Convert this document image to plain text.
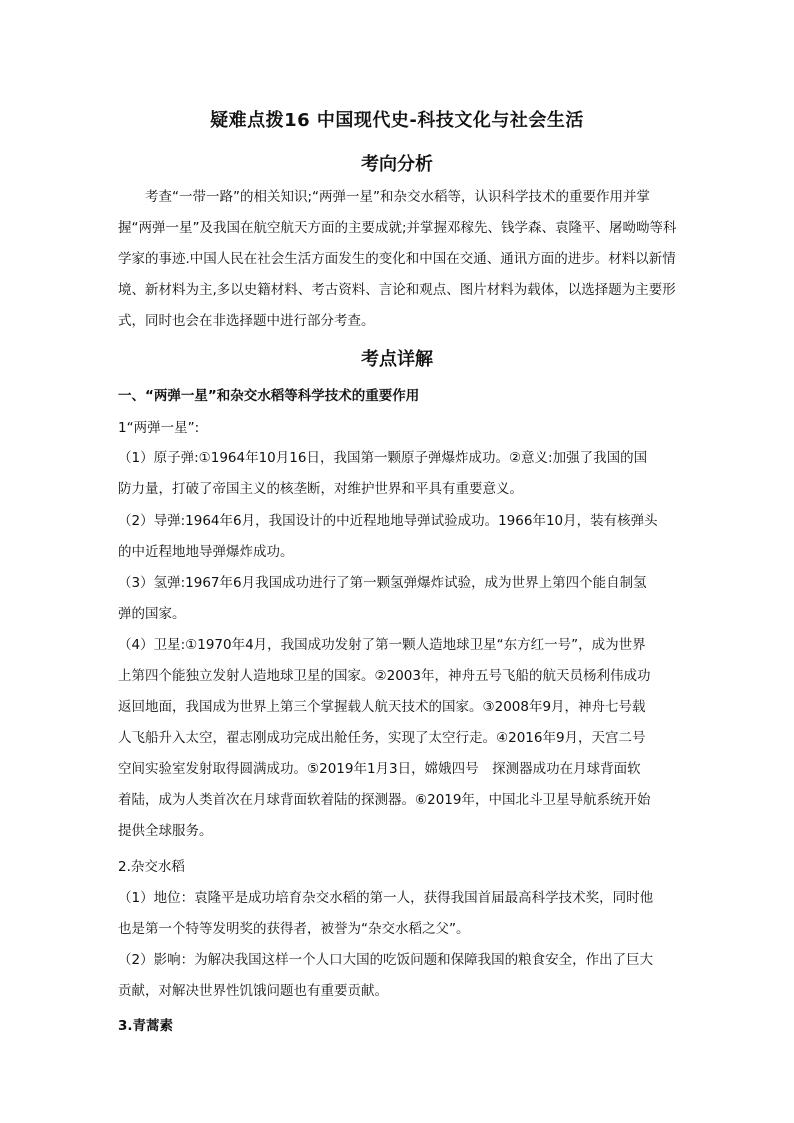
疑难点拨16 中国现代史-科技文化与社会生活
考向分析
考查“一带一路”的相关知识;“两弹一星”和杂交水稻等，认识科学技术的重要作用并掌握“两弹一星”及我国在航空航天方面的主要成就;并掌握邓稼先、钱学森、袁隆平、屠呦呦等科学家的事迹.中国人民在社会生活方面发生的变化和中国在交通、通讯方面的进步。材料以新情境、新材料为主,多以史籍材料、考古资料、言论和观点、图片材料为载体，以选择题为主要形式，同时也会在非选择题中进行部分考查。
考点详解
一、“两弹一星”和杂交水稻等科学技术的重要作用
1“两弹一星”:
（1）原子弹:①1964年10月16日，我国第一颗原子弹爆炸成功。②意义:加强了我国的国
防力量，打破了帝国主义的核垄断，对维护世界和平具有重要意义。
（2）导弹:1964年6月，我国设计的中近程地地导弹试验成功。1966年10月，装有核弹头
的中近程地地导弹爆炸成功。
（3）氢弹:1967年6月我国成功进行了第一颗氢弹爆炸试验，成为世界上第四个能自制氢
弹的国家。
（4）卫星:①1970年4月，我国成功发射了第一颗人造地球卫星“东方红一号”，成为世界
上第四个能独立发射人造地球卫星的国家。②2003年，神舟五号飞船的航天员杨利伟成功
返回地面，我国成为世界上第三个掌握载人航天技术的国家。③2008年9月，神舟七号载
人飞船升入太空，翟志刚成功完成出舱任务，实现了太空行走。④2016年9月，天宫二号
空间实验室发射取得圆满成功。⑤2019年1月3日，嫦娥四号　探测器成功在月球背面软
着陆，成为人类首次在月球背面软着陆的探测器。⑥2019年，中国北斗卫星导航系统开始
提供全球服务。
2.杂交水稻
（1）地位：袁隆平是成功培育杂交水稻的第一人，获得我国首届最高科学技术奖，同时他
也是第一个特等发明奖的获得者，被誉为“杂交水稻之父”。
（2）影响：为解决我国这样一个人口大国的吃饭问题和保障我国的粮食安全，作出了巨大
贡献，对解决世界性饥饿问题也有重要贡献。
3.青蒿素
